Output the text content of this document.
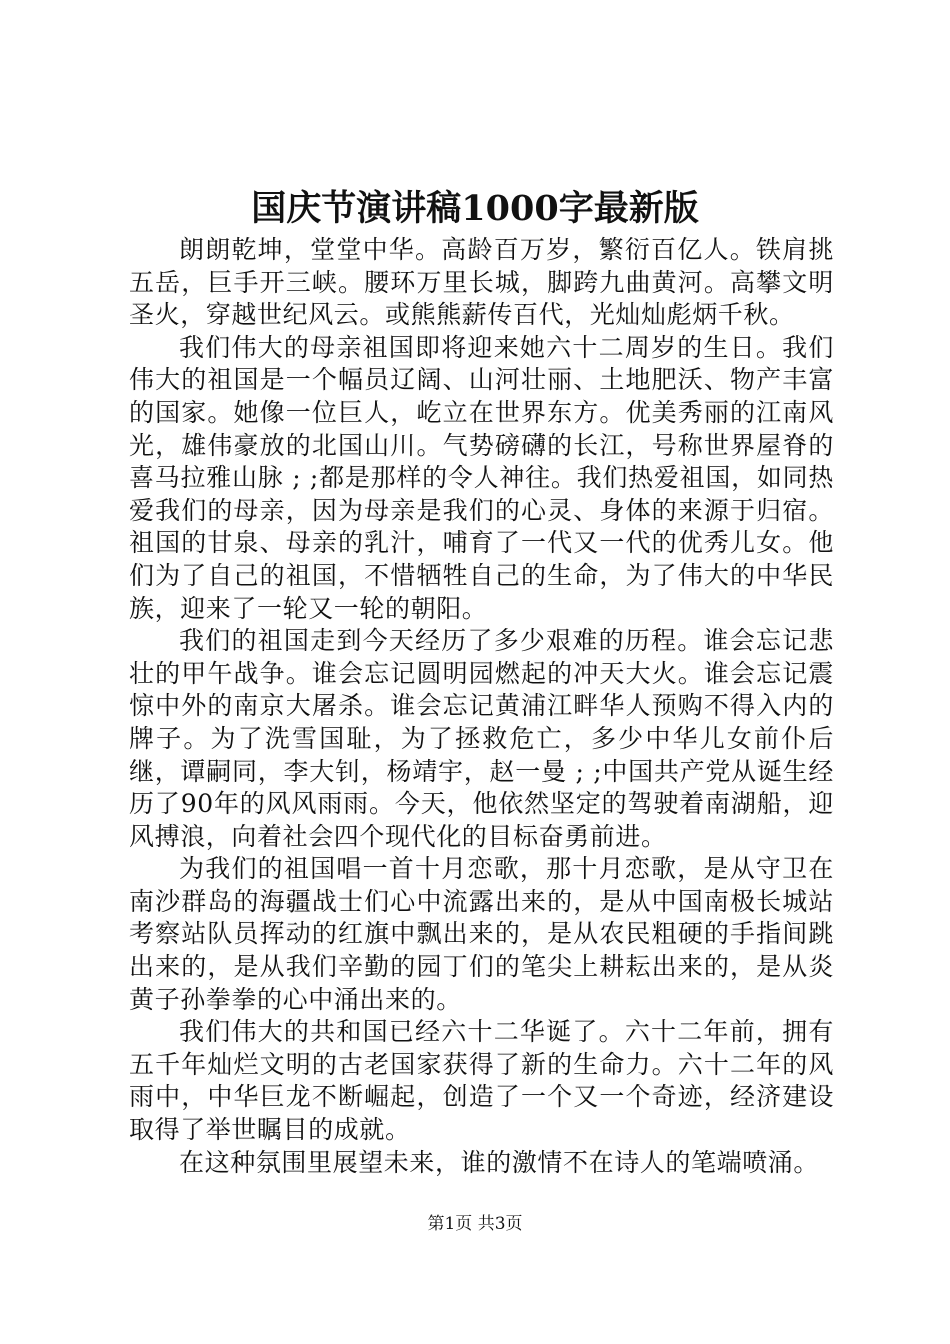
国庆节演讲稿1000字最新版

朗朗乾坤，堂堂中华。高龄百万岁，繁衍百亿人。铁肩挑五岳，巨手开三峡。腰环万里长城，脚跨九曲黄河。高攀文明圣火，穿越世纪风云。或熊熊薪传百代，光灿灿彪炳千秋。

我们伟大的母亲祖国即将迎来她六十二周岁的生日。我们伟大的祖国是一个幅员辽阔、山河壮丽、土地肥沃、物产丰富的国家。她像一位巨人，屹立在世界东方。优美秀丽的江南风光，雄伟豪放的北国山川。气势磅礴的长江，号称世界屋脊的喜马拉雅山脉 ; ;都是那样的令人神往。我们热爱祖国，如同热爱我们的母亲，因为母亲是我们的心灵、身体的来源于归宿。祖国的甘泉、母亲的乳汁，哺育了一代又一代的优秀儿女。他们为了自己的祖国，不惜牺牲自己的生命，为了伟大的中华民族，迎来了一轮又一轮的朝阳。

我们的祖国走到今天经历了多少艰难的历程。谁会忘记悲壮的甲午战争。谁会忘记圆明园燃起的冲天大火。谁会忘记震惊中外的南京大屠杀。谁会忘记黄浦江畔华人预购不得入内的牌子。为了洗雪国耻，为了拯救危亡，多少中华儿女前仆后继，谭嗣同，李大钊，杨靖宇，赵一曼 ; ;中国共产党从诞生经历了90年的风风雨雨。今天，他依然坚定的驾驶着南湖船，迎风搏浪，向着社会四个现代化的目标奋勇前进。

为我们的祖国唱一首十月恋歌，那十月恋歌，是从守卫在南沙群岛的海疆战士们心中流露出来的，是从中国南极长城站考察站队员挥动的红旗中飘出来的，是从农民粗硬的手指间跳出来的，是从我们辛勤的园丁们的笔尖上耕耘出来的，是从炎黄子孙拳拳的心中涌出来的。

我们伟大的共和国已经六十二华诞了。六十二年前，拥有五千年灿烂文明的古老国家获得了新的生命力。六十二年的风雨中，中华巨龙不断崛起，创造了一个又一个奇迹，经济建设取得了举世瞩目的成就。

在这种氛围里展望未来，谁的激情不在诗人的笔端喷涌。

第1页 共3页
